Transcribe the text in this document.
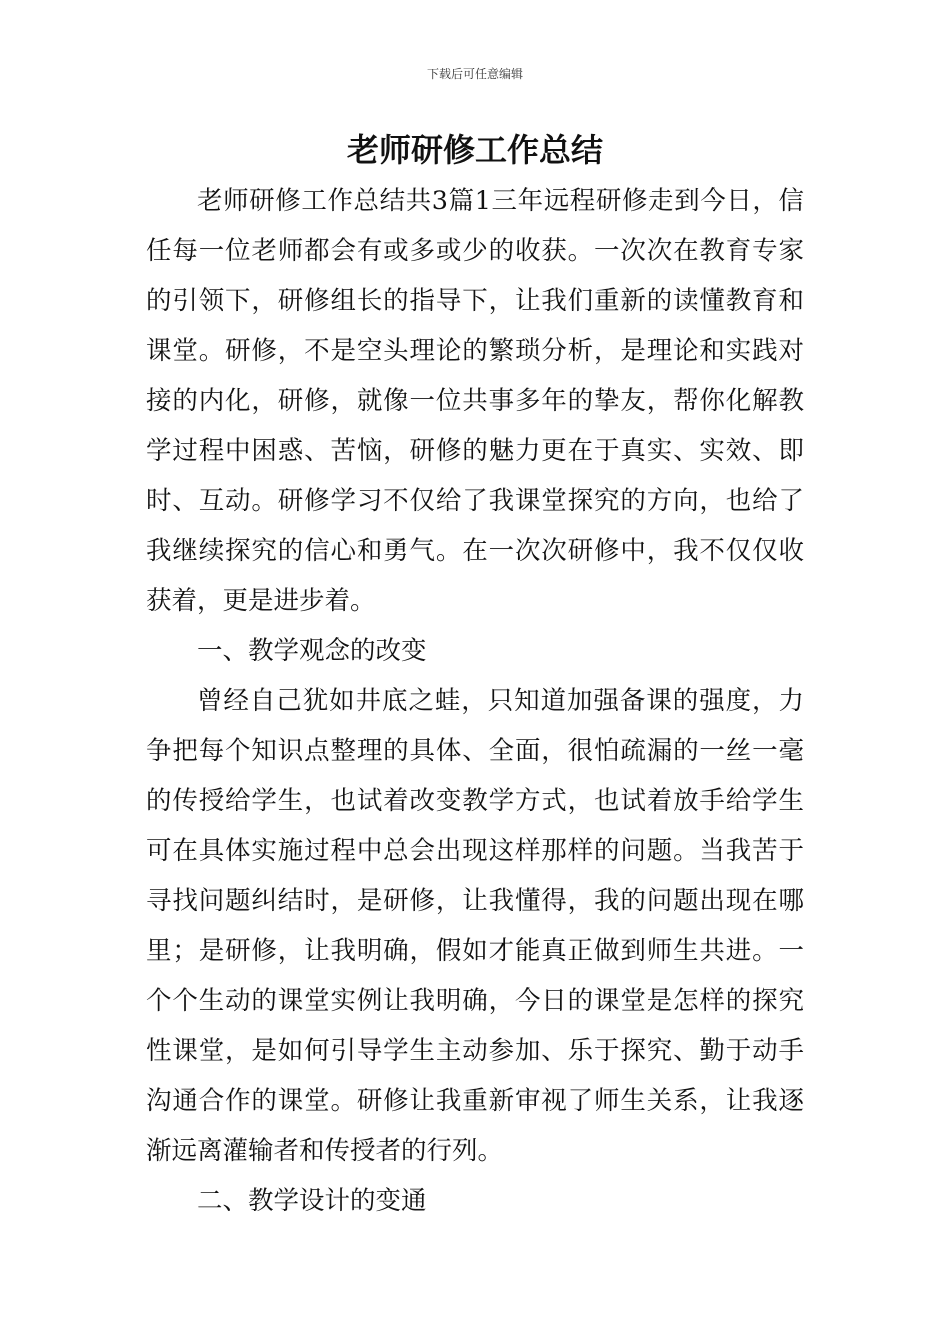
下载后可任意编辑
老师研修工作总结

老师研修工作总结共3篇1三年远程研修走到今日，信任每一位老师都会有或多或少的收获。一次次在教育专家的引领下，研修组长的指导下，让我们重新的读懂教育和课堂。研修，不是空头理论的繁琐分析，是理论和实践对接的内化，研修，就像一位共事多年的挚友，帮你化解教学过程中困惑、苦恼，研修的魅力更在于真实、实效、即时、互动。研修学习不仅给了我课堂探究的方向，也给了我继续探究的信心和勇气。在一次次研修中，我不仅仅收获着，更是进步着。

一、教学观念的改变

曾经自己犹如井底之蛙，只知道加强备课的强度，力争把每个知识点整理的具体、全面，很怕疏漏的一丝一毫的传授给学生，也试着改变教学方式，也试着放手给学生可在具体实施过程中总会出现这样那样的问题。当我苦于寻找问题纠结时，是研修，让我懂得，我的问题出现在哪里；是研修，让我明确，假如才能真正做到师生共进。一个个生动的课堂实例让我明确，今日的课堂是怎样的探究性课堂，是如何引导学生主动参加、乐于探究、勤于动手沟通合作的课堂。研修让我重新审视了师生关系，让我逐渐远离灌输者和传授者的行列。

二、教学设计的变通
